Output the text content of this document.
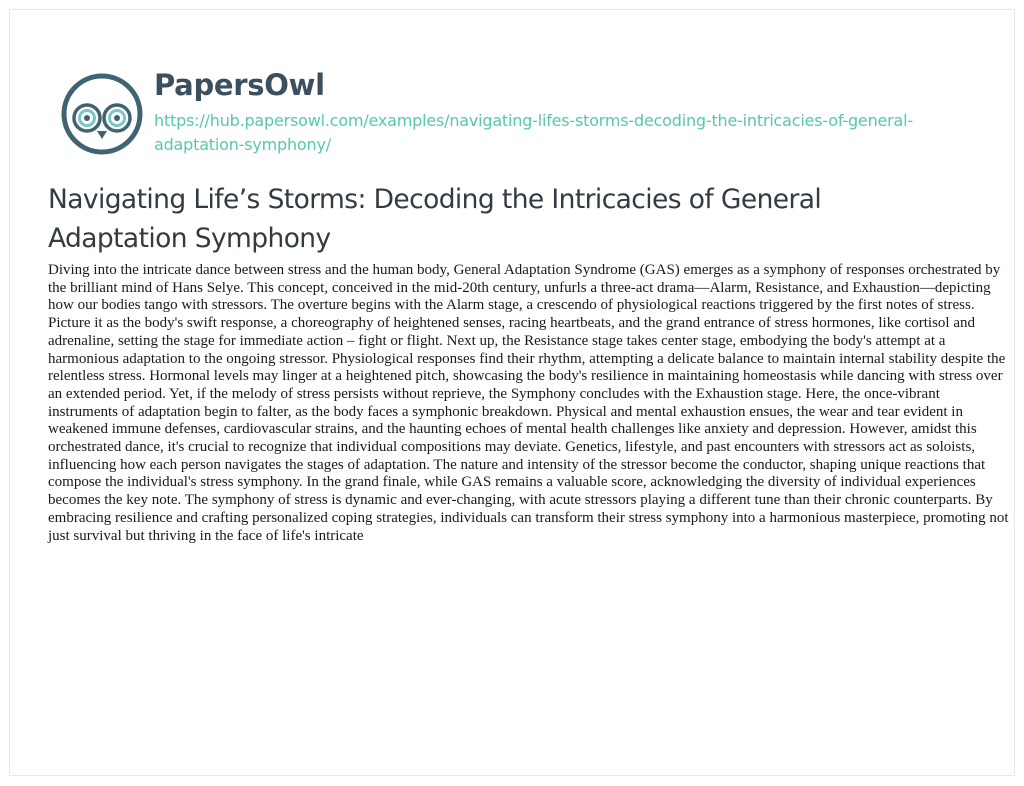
PapersOwl

https://hub.papersowl.com/examples/navigating-lifes-storms-decoding-the-intricacies-of-general-adaptation-symphony/

Navigating Life’s Storms: Decoding the Intricacies of General Adaptation Symphony

Diving into the intricate dance between stress and the human body, General Adaptation Syndrome (GAS) emerges as a symphony of responses orchestrated by the brilliant mind of Hans Selye. This concept, conceived in the mid-20th century, unfurls a three-act drama—Alarm, Resistance, and Exhaustion—depicting how our bodies tango with stressors. The overture begins with the Alarm stage, a crescendo of physiological reactions triggered by the first notes of stress. Picture it as the body's swift response, a choreography of heightened senses, racing heartbeats, and the grand entrance of stress hormones, like cortisol and adrenaline, setting the stage for immediate action – fight or flight. Next up, the Resistance stage takes center stage, embodying the body's attempt at a harmonious adaptation to the ongoing stressor. Physiological responses find their rhythm, attempting a delicate balance to maintain internal stability despite the relentless stress. Hormonal levels may linger at a heightened pitch, showcasing the body's resilience in maintaining homeostasis while dancing with stress over an extended period. Yet, if the melody of stress persists without reprieve, the Symphony concludes with the Exhaustion stage. Here, the once-vibrant instruments of adaptation begin to falter, as the body faces a symphonic breakdown. Physical and mental exhaustion ensues, the wear and tear evident in weakened immune defenses, cardiovascular strains, and the haunting echoes of mental health challenges like anxiety and depression. However, amidst this orchestrated dance, it's crucial to recognize that individual compositions may deviate. Genetics, lifestyle, and past encounters with stressors act as soloists, influencing how each person navigates the stages of adaptation. The nature and intensity of the stressor become the conductor, shaping unique reactions that compose the individual's stress symphony. In the grand finale, while GAS remains a valuable score, acknowledging the diversity of individual experiences becomes the key note. The symphony of stress is dynamic and ever-changing, with acute stressors playing a different tune than their chronic counterparts. By embracing resilience and crafting personalized coping strategies, individuals can transform their stress symphony into a harmonious masterpiece, promoting not just survival but thriving in the face of life's intricate
